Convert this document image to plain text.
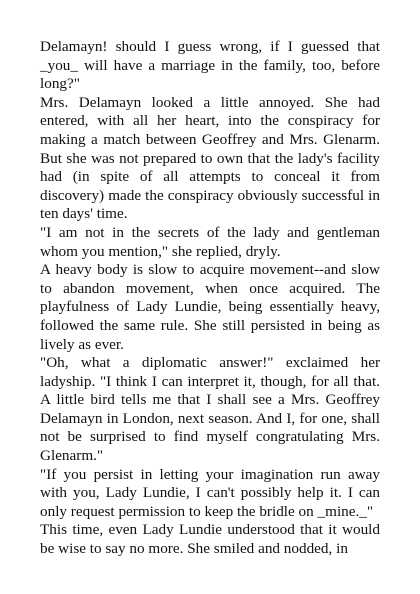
Delamayn! should I guess wrong, if I guessed that _you_ will have a marriage in the family, too, before long?"

Mrs. Delamayn looked a little annoyed. She had entered, with all her heart, into the conspiracy for making a match between Geoffrey and Mrs. Glenarm. But she was not prepared to own that the lady's facility had (in spite of all attempts to conceal it from discovery) made the conspiracy obviously successful in ten days' time.

"I am not in the secrets of the lady and gentleman whom you mention," she replied, dryly.

A heavy body is slow to acquire movement--and slow to abandon movement, when once acquired. The playfulness of Lady Lundie, being essentially heavy, followed the same rule. She still persisted in being as lively as ever.

"Oh, what a diplomatic answer!" exclaimed her ladyship. "I think I can interpret it, though, for all that. A little bird tells me that I shall see a Mrs. Geoffrey Delamayn in London, next season. And I, for one, shall not be surprised to find myself congratulating Mrs. Glenarm."

"If you persist in letting your imagination run away with you, Lady Lundie, I can't possibly help it. I can only request permission to keep the bridle on _mine._"

This time, even Lady Lundie understood that it would be wise to say no more. She smiled and nodded, in
